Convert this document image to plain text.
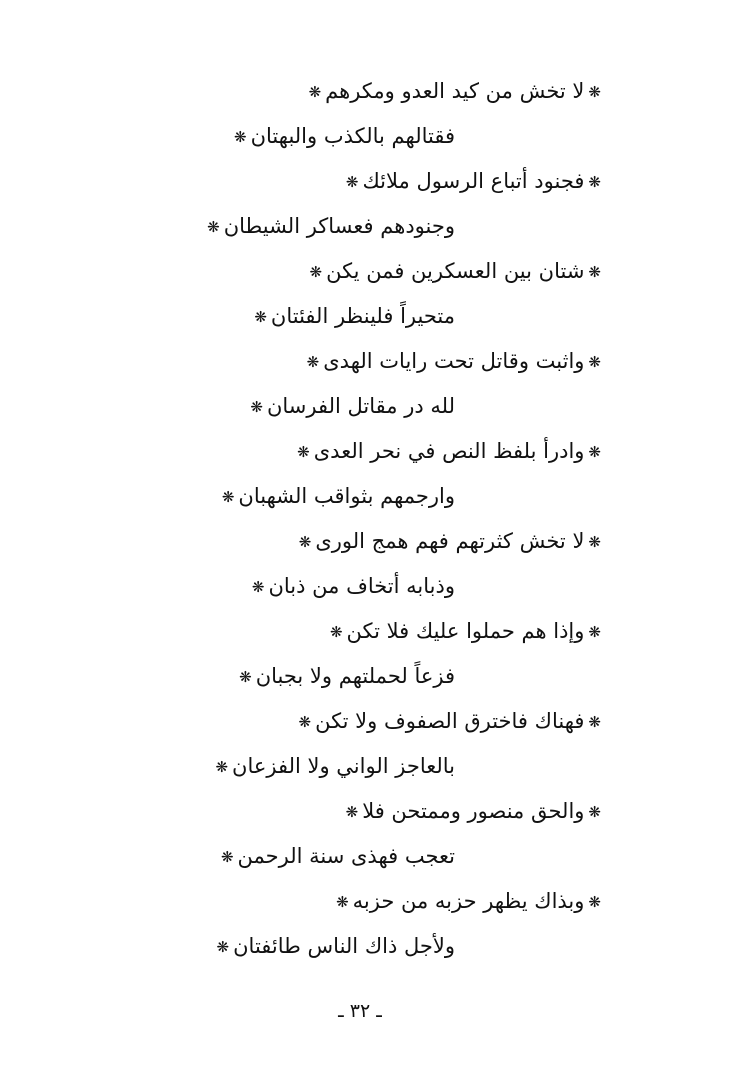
❋لا تخش من كيد العدو ومكرهم❋
فقتالهم بالكذب والبهتان❋
❋فجنود أتباع الرسول ملائك❋
وجنودهم فعساكر الشيطان❋
❋شتان بين العسكرين فمن يكن❋
متحيراً فلينظر الفئتان❋
❋واثبت وقاتل تحت رايات الهدى❋
لله در مقاتل الفرسان❋
❋وادرأ بلفظ النص في نحر العدى❋
وارجمهم بثواقب الشهبان❋
❋لا تخش كثرتهم فهم همج الورى❋
وذبابه أتخاف من ذبان❋
❋وإذا هم حملوا عليك فلا تكن❋
فزعاً لحملتهم ولا بجبان❋
❋فهناك فاخترق الصفوف ولا تكن❋
بالعاجز الواني ولا الفزعان❋
❋والحق منصور وممتحن فلا❋
تعجب فهذى سنة الرحمن❋
❋وبذاك يظهر حزبه من حزبه❋
ولأجل ذاك الناس طائفتان❋
ـ ٣٢ ـ
